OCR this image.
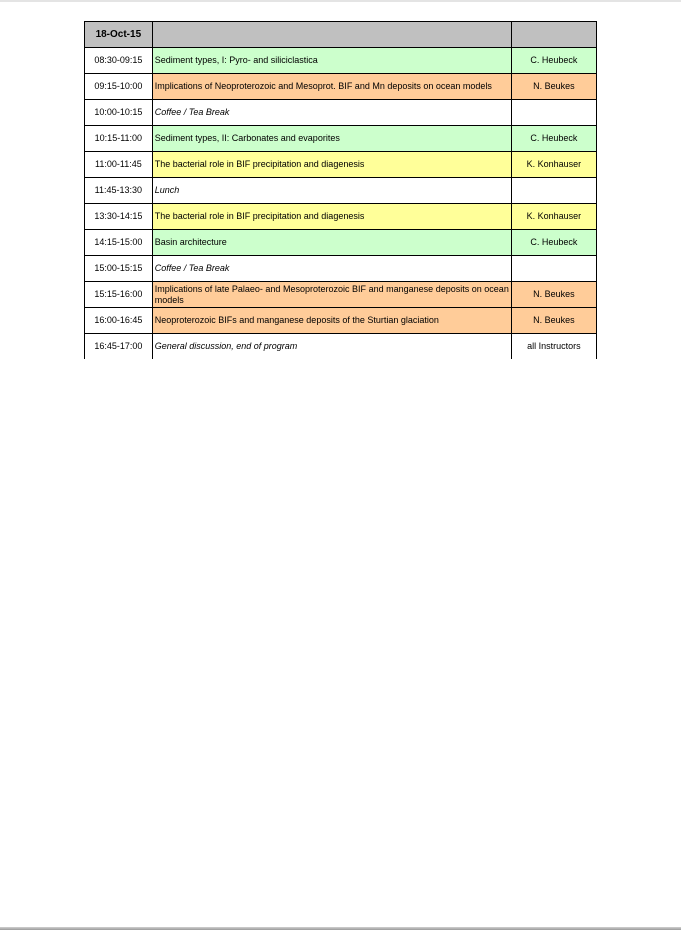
18-Oct-15		
08:30-09:15	Sediment types, I: Pyro- and siliciclastica	C. Heubeck
09:15-10:00	Implications of Neoproterozoic and Mesoprot. BIF and Mn deposits on ocean models	N. Beukes
10:00-10:15	Coffee / Tea Break	
10:15-11:00	Sediment types, II: Carbonates and evaporites	C. Heubeck
11:00-11:45	The bacterial role in BIF precipitation and diagenesis	K. Konhauser
11:45-13:30	Lunch	
13:30-14:15	The bacterial role in BIF precipitation and diagenesis	K. Konhauser
14:15-15:00	Basin architecture	C. Heubeck
15:00-15:15	Coffee / Tea Break	
15:15-16:00	Implications of late Palaeo- and Mesoproterozoic BIF and manganese deposits on ocean models	N. Beukes
16:00-16:45	Neoproterozoic BIFs and manganese deposits of the Sturtian glaciation	N. Beukes
16:45-17:00	General discussion, end of program	all Instructors
